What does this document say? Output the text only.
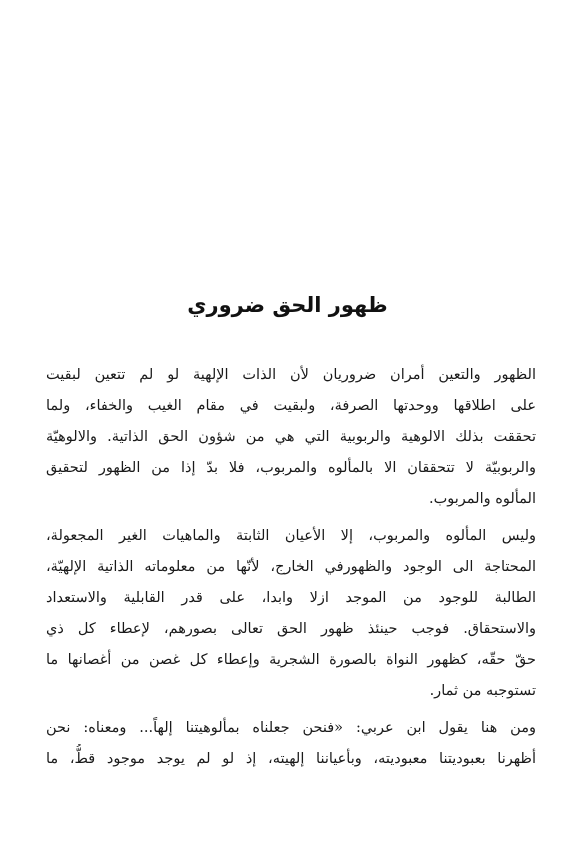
ظهور الحق ضروري
الظهور والتعين أمران ضروريان لأن الذات الإلهية لو لم تتعين لبقيت
على اطلاقها ووحدتها الصرفة، ولبقيت في مقام الغيب والخفاء، ولما
تحققت بذلك الالوهية والربوبية التي هي من شؤون الحق الذاتية. والالوهيّة
والربوبيّة لا تتحققان الا بالمألوه والمربوب، فلا بدّ إذا من الظهور لتحقيق
المألوه والمربوب.
وليس المألوه والمربوب، إلا الأعيان الثابتة والماهيات الغير المجعولة،
المحتاجة الى الوجود والظهورفي الخارج، لأنّها من معلوماته الذاتية الإلهيّة،
الطالبة للوجود من الموجد ازلا وابدا، على قدر القابلية والاستعداد
والاستحقاق. فوجب حينئذ ظهور الحق تعالى بصورهم، لإعطاء كل ذي
حقّ حقّه، كظهور النواة بالصورة الشجرية وإعطاء كل غصن من أغصانها ما
تستوجبه من ثمار.
ومن هنا يقول ابن عربي: «فنحن جعلناه بمألوهيتنا إلهاً... ومعناه: نحن
أظهرنا بعبوديتنا معبوديته، وبأعياننا إلهيته، إذ لو لم يوجد موجود قطُّ، ما
